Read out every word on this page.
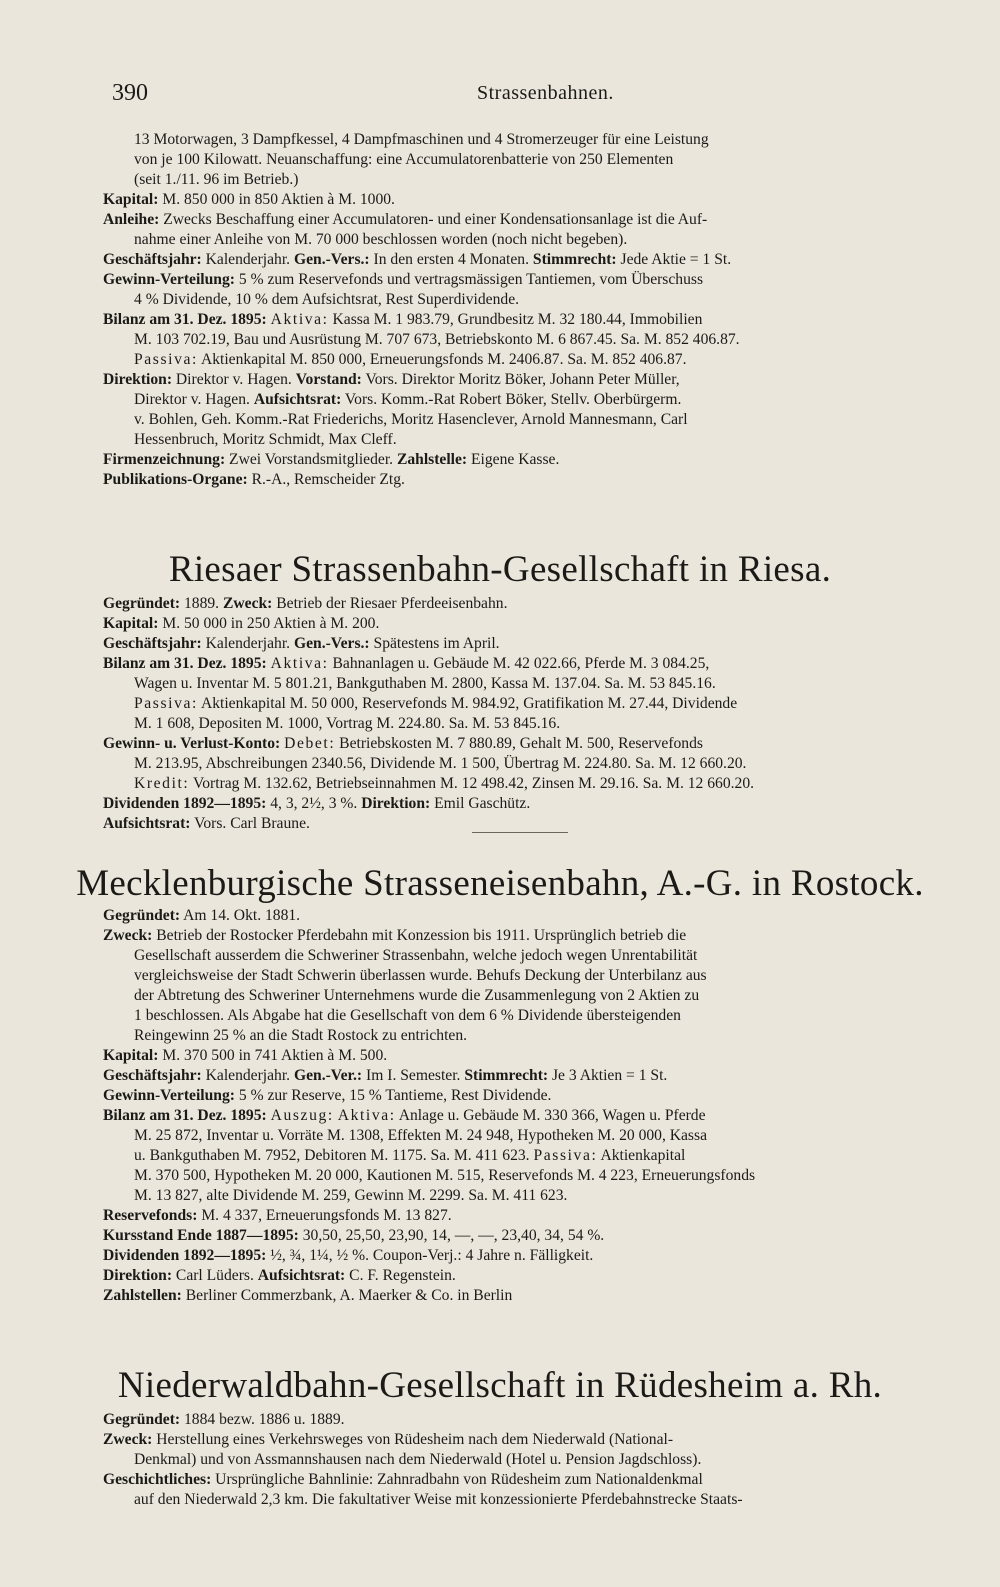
390	Strassenbahnen.
13 Motorwagen, 3 Dampfkessel, 4 Dampfmaschinen und 4 Stromerzeuger für eine Leistung
von je 100 Kilowatt. Neuanschaffung: eine Accumulatorenbatterie von 250 Elementen
(seit 1./11. 96 im Betrieb.)
Kapital: M. 850 000 in 850 Aktien à M. 1000.
Anleihe: Zwecks Beschaffung einer Accumulatoren- und einer Kondensationsanlage ist die Auf-
nahme einer Anleihe von M. 70 000 beschlossen worden (noch nicht begeben).
Geschäftsjahr: Kalenderjahr. Gen.-Vers.: In den ersten 4 Monaten. Stimmrecht: Jede Aktie = 1 St.
Gewinn-Verteilung: 5 % zum Reservefonds und vertragsmässigen Tantiemen, vom Überschuss
4 % Dividende, 10 % dem Aufsichtsrat, Rest Superdividende.
Bilanz am 31. Dez. 1895: Aktiva: Kassa M. 1 983.79, Grundbesitz M. 32 180.44, Immobilien
M. 103 702.19, Bau und Ausrüstung M. 707 673, Betriebskonto M. 6 867.45. Sa. M. 852 406.87.
Passiva: Aktienkapital M. 850 000, Erneuerungsfonds M. 2406.87. Sa. M. 852 406.87.
Direktion: Direktor v. Hagen. Vorstand: Vors. Direktor Moritz Böker, Johann Peter Müller,
Direktor v. Hagen. Aufsichtsrat: Vors. Komm.-Rat Robert Böker, Stellv. Oberbürgerm.
v. Bohlen, Geh. Komm.-Rat Friederichs, Moritz Hasenclever, Arnold Mannesmann, Carl
Hessenbruch, Moritz Schmidt, Max Cleff.
Firmenzeichnung: Zwei Vorstandsmitglieder. Zahlstelle: Eigene Kasse.
Publikations-Organe: R.-A., Remscheider Ztg.
Riesaer Strassenbahn-Gesellschaft in Riesa.
Gegründet: 1889. Zweck: Betrieb der Riesaer Pferdeeisenbahn.
Kapital: M. 50 000 in 250 Aktien à M. 200.
Geschäftsjahr: Kalenderjahr. Gen.-Vers.: Spätestens im April.
Bilanz am 31. Dez. 1895: Aktiva: Bahnanlagen u. Gebäude M. 42 022.66, Pferde M. 3 084.25,
Wagen u. Inventar M. 5 801.21, Bankguthaben M. 2800, Kassa M. 137.04. Sa. M. 53 845.16.
Passiva: Aktienkapital M. 50 000, Reservefonds M. 984.92, Gratifikation M. 27.44, Dividende
M. 1 608, Depositen M. 1000, Vortrag M. 224.80. Sa. M. 53 845.16.
Gewinn- u. Verlust-Konto: Debet: Betriebskosten M. 7 880.89, Gehalt M. 500, Reservefonds
M. 213.95, Abschreibungen 2340.56, Dividende M. 1 500, Übertrag M. 224.80. Sa. M. 12 660.20.
Kredit: Vortrag M. 132.62, Betriebseinnahmen M. 12 498.42, Zinsen M. 29.16. Sa. M. 12 660.20.
Dividenden 1892—1895: 4, 3, 2½, 3 %. Direktion: Emil Gaschütz.
Aufsichtsrat: Vors. Carl Braune.
Mecklenburgische Strasseneisenbahn, A.-G. in Rostock.
Gegründet: Am 14. Okt. 1881.
Zweck: Betrieb der Rostocker Pferdebahn mit Konzession bis 1911. Ursprünglich betrieb die
Gesellschaft ausserdem die Schweriner Strassenbahn, welche jedoch wegen Unrentabilität
vergleichsweise der Stadt Schwerin überlassen wurde. Behufs Deckung der Unterbilanz aus
der Abtretung des Schweriner Unternehmens wurde die Zusammenlegung von 2 Aktien zu
1 beschlossen. Als Abgabe hat die Gesellschaft von dem 6 % Dividende übersteigenden
Reingewinn 25 % an die Stadt Rostock zu entrichten.
Kapital: M. 370 500 in 741 Aktien à M. 500.
Geschäftsjahr: Kalenderjahr. Gen.-Ver.: Im I. Semester. Stimmrecht: Je 3 Aktien = 1 St.
Gewinn-Verteilung: 5 % zur Reserve, 15 % Tantieme, Rest Dividende.
Bilanz am 31. Dez. 1895: Auszug: Aktiva: Anlage u. Gebäude M. 330 366, Wagen u. Pferde
M. 25 872, Inventar u. Vorräte M. 1308, Effekten M. 24 948, Hypotheken M. 20 000, Kassa
u. Bankguthaben M. 7952, Debitoren M. 1175. Sa. M. 411 623. Passiva: Aktienkapital
M. 370 500, Hypotheken M. 20 000, Kautionen M. 515, Reservefonds M. 4 223, Erneuerungsfonds
M. 13 827, alte Dividende M. 259, Gewinn M. 2299. Sa. M. 411 623.
Reservefonds: M. 4 337, Erneuerungsfonds M. 13 827.
Kursstand Ende 1887—1895: 30,50, 25,50, 23,90, 14, —, —, 23,40, 34, 54 %.
Dividenden 1892—1895: ½, ¾, 1¼, ½ %. Coupon-Verj.: 4 Jahre n. Fälligkeit.
Direktion: Carl Lüders. Aufsichtsrat: C. F. Regenstein.
Zahlstellen: Berliner Commerzbank, A. Maerker & Co. in Berlin
Niederwaldbahn-Gesellschaft in Rüdesheim a. Rh.
Gegründet: 1884 bezw. 1886 u. 1889.
Zweck: Herstellung eines Verkehrsweges von Rüdesheim nach dem Niederwald (National-
Denkmal) und von Assmannshausen nach dem Niederwald (Hotel u. Pension Jagdschloss).
Geschichtliches: Ursprüngliche Bahnlinie: Zahnradbahn von Rüdesheim zum Nationaldenkmal
auf den Niederwald 2,3 km. Die fakultativer Weise mit konzessionierte Pferdebahnstrecke Staats-
